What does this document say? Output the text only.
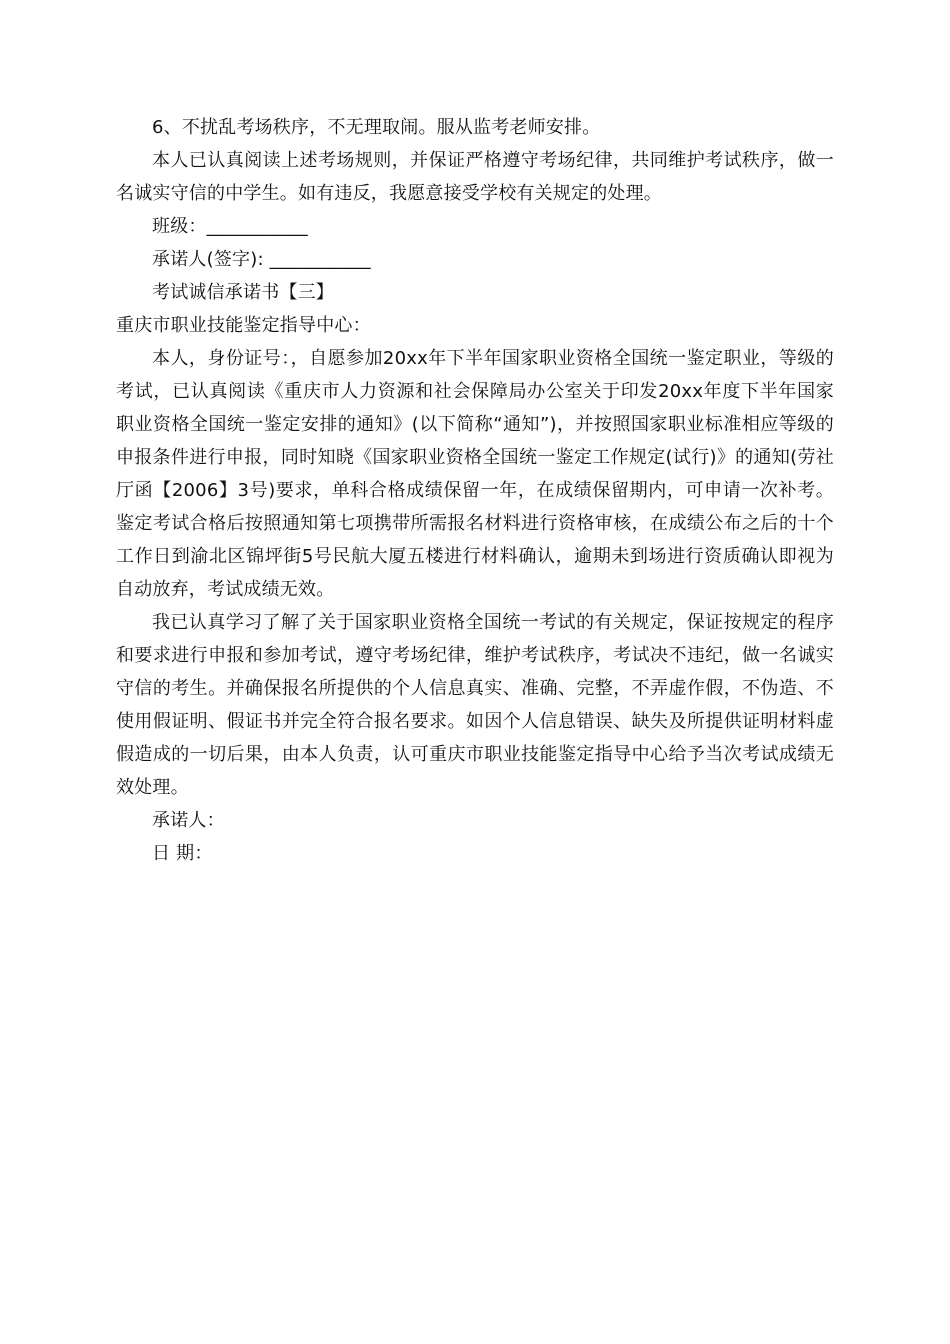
6、不扰乱考场秩序，不无理取闹。服从监考老师安排。

本人已认真阅读上述考场规则，并保证严格遵守考场纪律，共同维护考试秩序，做一名诚实守信的中学生。如有违反，我愿意接受学校有关规定的处理。

班级：___________

承诺人(签字): ___________

考试诚信承诺书【三】

重庆市职业技能鉴定指导中心：

本人，身份证号：，自愿参加20xx年下半年国家职业资格全国统一鉴定职业，等级的考试，已认真阅读《重庆市人力资源和社会保障局办公室关于印发20xx年度下半年国家职业资格全国统一鉴定安排的通知》(以下简称“通知”)，并按照国家职业标准相应等级的申报条件进行申报，同时知晓《国家职业资格全国统一鉴定工作规定(试行)》的通知(劳社厅函【2006】3号)要求，单科合格成绩保留一年，在成绩保留期内，可申请一次补考。鉴定考试合格后按照通知第七项携带所需报名材料进行资格审核，在成绩公布之后的十个工作日到渝北区锦坪街5号民航大厦五楼进行材料确认，逾期未到场进行资质确认即视为自动放弃，考试成绩无效。

我已认真学习了解了关于国家职业资格全国统一考试的有关规定，保证按规定的程序和要求进行申报和参加考试，遵守考场纪律，维护考试秩序，考试决不违纪，做一名诚实守信的考生。并确保报名所提供的个人信息真实、准确、完整，不弄虚作假，不伪造、不使用假证明、假证书并完全符合报名要求。如因个人信息错误、缺失及所提供证明材料虚假造成的一切后果，由本人负责，认可重庆市职业技能鉴定指导中心给予当次考试成绩无效处理。

承诺人：

日 期：
